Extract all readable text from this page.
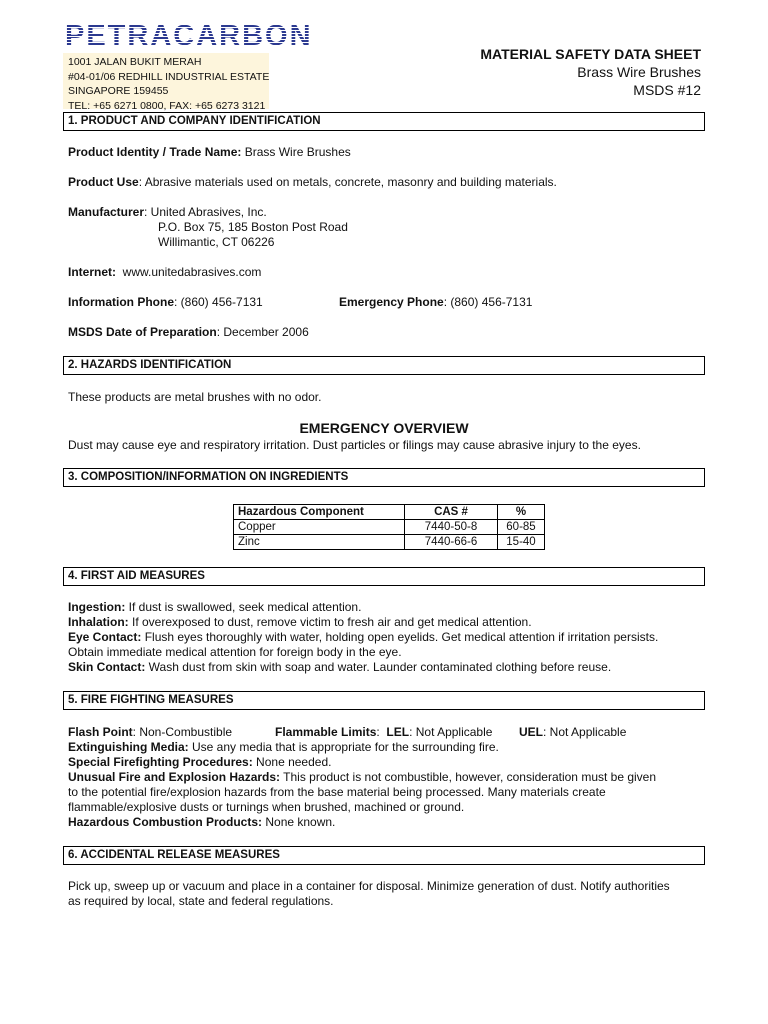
PETRACARBON
1001 JALAN BUKIT MERAH
#04-01/06 REDHILL INDUSTRIAL ESTATE
SINGAPORE 159455
TEL: +65 6271 0800, FAX: +65 6273 3121
MATERIAL SAFETY DATA SHEET
Brass Wire Brushes
MSDS #12
1. PRODUCT AND COMPANY IDENTIFICATION
Product Identity / Trade Name: Brass Wire Brushes
Product Use: Abrasive materials used on metals, concrete, masonry and building materials.
Manufacturer: United Abrasives, Inc.
P.O. Box 75, 185 Boston Post Road
Willimantic, CT 06226
Internet:  www.unitedabrasives.com
Information Phone: (860) 456-7131	Emergency Phone: (860) 456-7131
MSDS Date of Preparation: December 2006
2. HAZARDS IDENTIFICATION
These products are metal brushes with no odor.
EMERGENCY OVERVIEW
Dust may cause eye and respiratory irritation. Dust particles or filings may cause abrasive injury to the eyes.
3. COMPOSITION/INFORMATION ON INGREDIENTS
Hazardous Component	CAS #	%
Copper	7440-50-8	60-85
Zinc	7440-66-6	15-40
4. FIRST AID MEASURES
Ingestion: If dust is swallowed, seek medical attention.
Inhalation: If overexposed to dust, remove victim to fresh air and get medical attention.
Eye Contact: Flush eyes thoroughly with water, holding open eyelids. Get medical attention if irritation persists.
Obtain immediate medical attention for foreign body in the eye.
Skin Contact: Wash dust from skin with soap and water. Launder contaminated clothing before reuse.
5. FIRE FIGHTING MEASURES
Flash Point: Non-Combustible	Flammable Limits:  LEL: Not Applicable UEL: Not Applicable
Extinguishing Media: Use any media that is appropriate for the surrounding fire.
Special Firefighting Procedures: None needed.
Unusual Fire and Explosion Hazards: This product is not combustible, however, consideration must be given
to the potential fire/explosion hazards from the base material being processed. Many materials create
flammable/explosive dusts or turnings when brushed, machined or ground.
Hazardous Combustion Products: None known.
6. ACCIDENTAL RELEASE MEASURES
Pick up, sweep up or vacuum and place in a container for disposal. Minimize generation of dust. Notify authorities
as required by local, state and federal regulations.
